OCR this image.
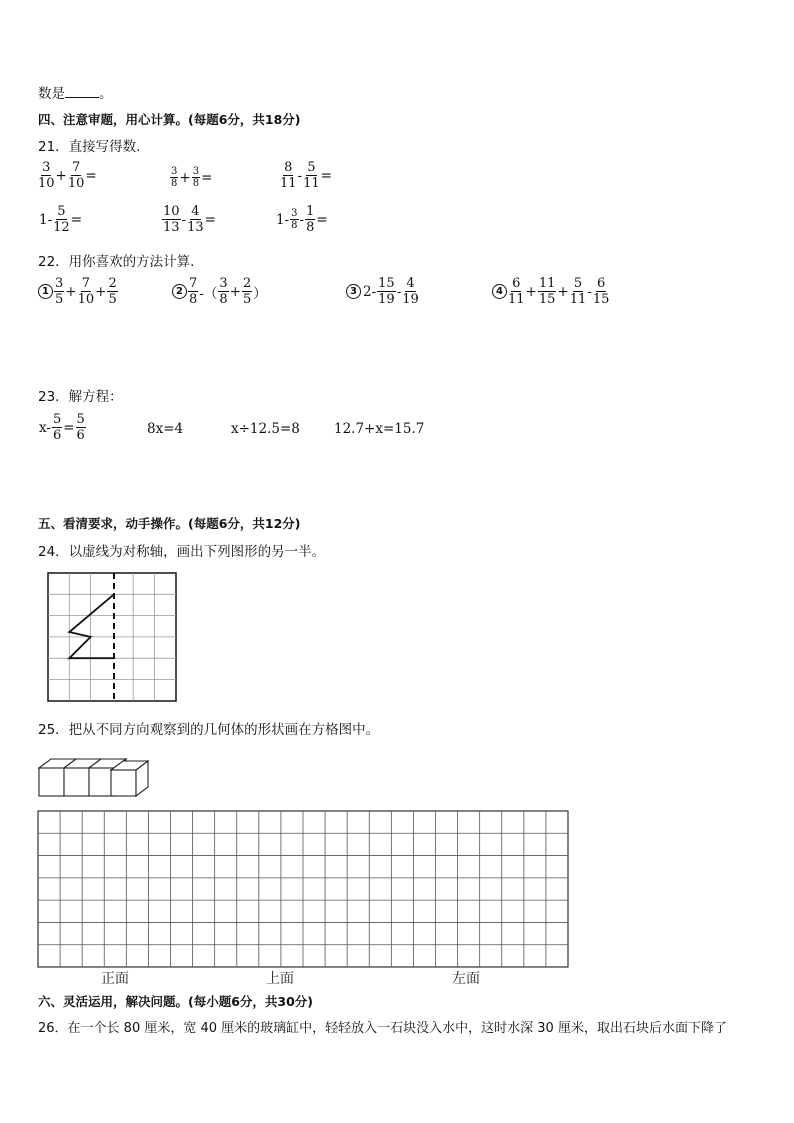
数是	。
四、注意审题，用心计算。(每题6分，共18分)
21．直接写得数.
$\frac{3}{10} + \frac{7}{10}$ =	$\frac{3}{8} + \frac{3}{8}$ =	$\frac{8}{11} - \frac{5}{11}$ =
$1- \frac{5}{12}$ =	$\frac{10}{13} - \frac{4}{13}$ =	$1- \frac{3}{8} - \frac{1}{8}$ =
22．用你喜欢的方法计算.
$1 \frac{3}{5} + \frac{7}{10} + \frac{2}{5}$	$2 \frac{7}{8}$ -（ $\frac{3}{8} + \frac{2}{5}$ ）	3 $2- \frac{15}{19} - \frac{4}{19}$	$4 \frac{6}{11} + \frac{11}{15} + \frac{5}{11} - \frac{6}{15}$
23．解方程：
$x- \frac{5}{6} = \frac{5}{6}$	8x=4	x÷12.5=8	12.7+x=15.7
五、看清要求，动手操作。(每题6分，共12分)
24．以虚线为对称轴，画出下列图形的另一半。
25．把从不同方向观察到的几何体的形状画在方格图中。
正面	上面	左面
六、灵活运用，解决问题。(每小题6分，共30分)
26．在一个长 80 厘米，宽 40 厘米的玻璃缸中，轻轻放入一石块没入水中，这时水深 30 厘米，取出石块后水面下降了
